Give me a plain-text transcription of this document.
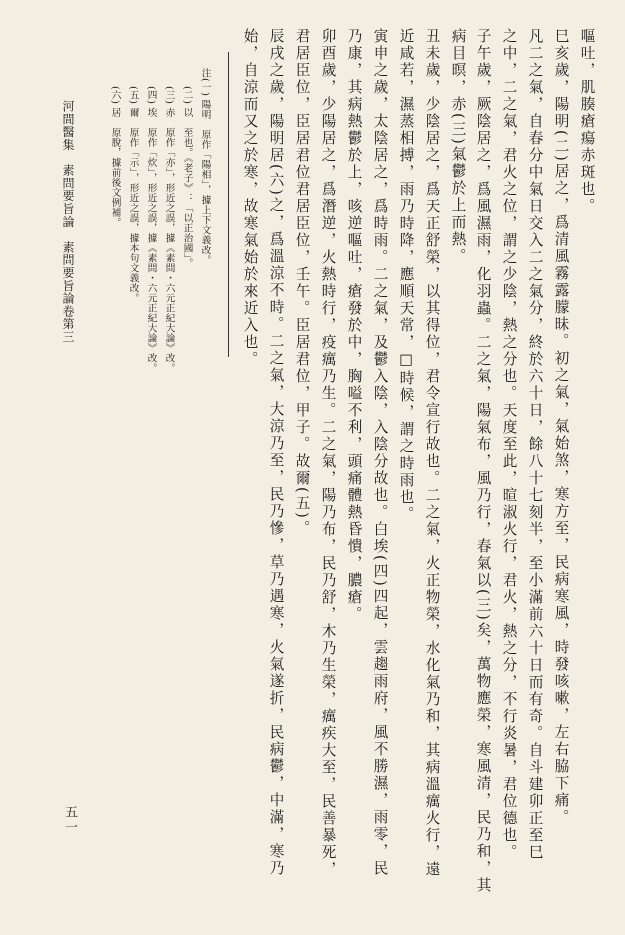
嘔吐，肌腠瘡瘍赤斑也。
巳亥歲，陽明(二)居之，爲清風霧露朦昧。初之氣，氣始煞，寒方至，民病寒風，時發咳嗽，左右脇下痛。
凡二之氣，自春分中氣日交入二之氣分，終於六十日，餘八十七刻半，至小滿前六十日而有奇。自斗建卯正至巳
之中，二之氣，君火之位，謂之少陰，熱之分也。天度至此，暄淑火行，君火，熱之分，不行炎暑，君位德也。
子午歲，厥陰居之，爲風濕雨，化羽蟲。二之氣，陽氣布，風乃行，春氣以(三)矣，萬物應榮，寒風清，民乃和，其
病目暝，赤(三)氣鬱於上而熱。
丑未歲，少陰居之，爲天正舒榮，以其得位，君令宣行故也。二之氣，火正物榮，水化氣乃和，其病溫癘火行，遠
近咸若，濕蒸相搏，雨乃時降，應順天常，□時候，謂之時雨也。
寅申之歲，太陰居之，爲時雨。二之氣，及鬱入陰，入陰分故也。白埃(四)四起，雲趨雨府，風不勝濕，雨零，民
乃康，其病熱鬱於上，咳逆嘔吐，瘡發於中，胸嗌不利，頭痛體熱昏憒，膿瘡。
卯酉歲，少陽居之，爲潛逆，火熱時行，疫癘乃生。二之氣，陽乃布，民乃舒，木乃生榮，癘疾大至，民善暴死，
君居臣位，臣居君位君居臣位，壬午。臣居君位，甲子。故爾(五)。
辰戌之歲，陽明居(六)之，爲溫涼不時。二之氣，大涼乃至，民乃慘，草乃遇寒，火氣遂折，民病鬱，中滿，寒乃
始，自涼而又之於寒，故寒氣始於來近入也。
注(一) 陽明　原作「陽相」，據上下文義改。
(二) 以　至也。《老子》：「以正治國」。
(三) 赤　原作「亦」，形近之誤，據《素問・六元正紀大論》改。
(四) 埃　原作「炊」，形近之誤，據《素問・六元正紀大論》改。
(五) 爾　原作「示」，形近之誤，據本句文義改。
(六) 居　原脫，據前後文例補。
河間醫集　素問要旨論　素問要旨論卷第三
五一
